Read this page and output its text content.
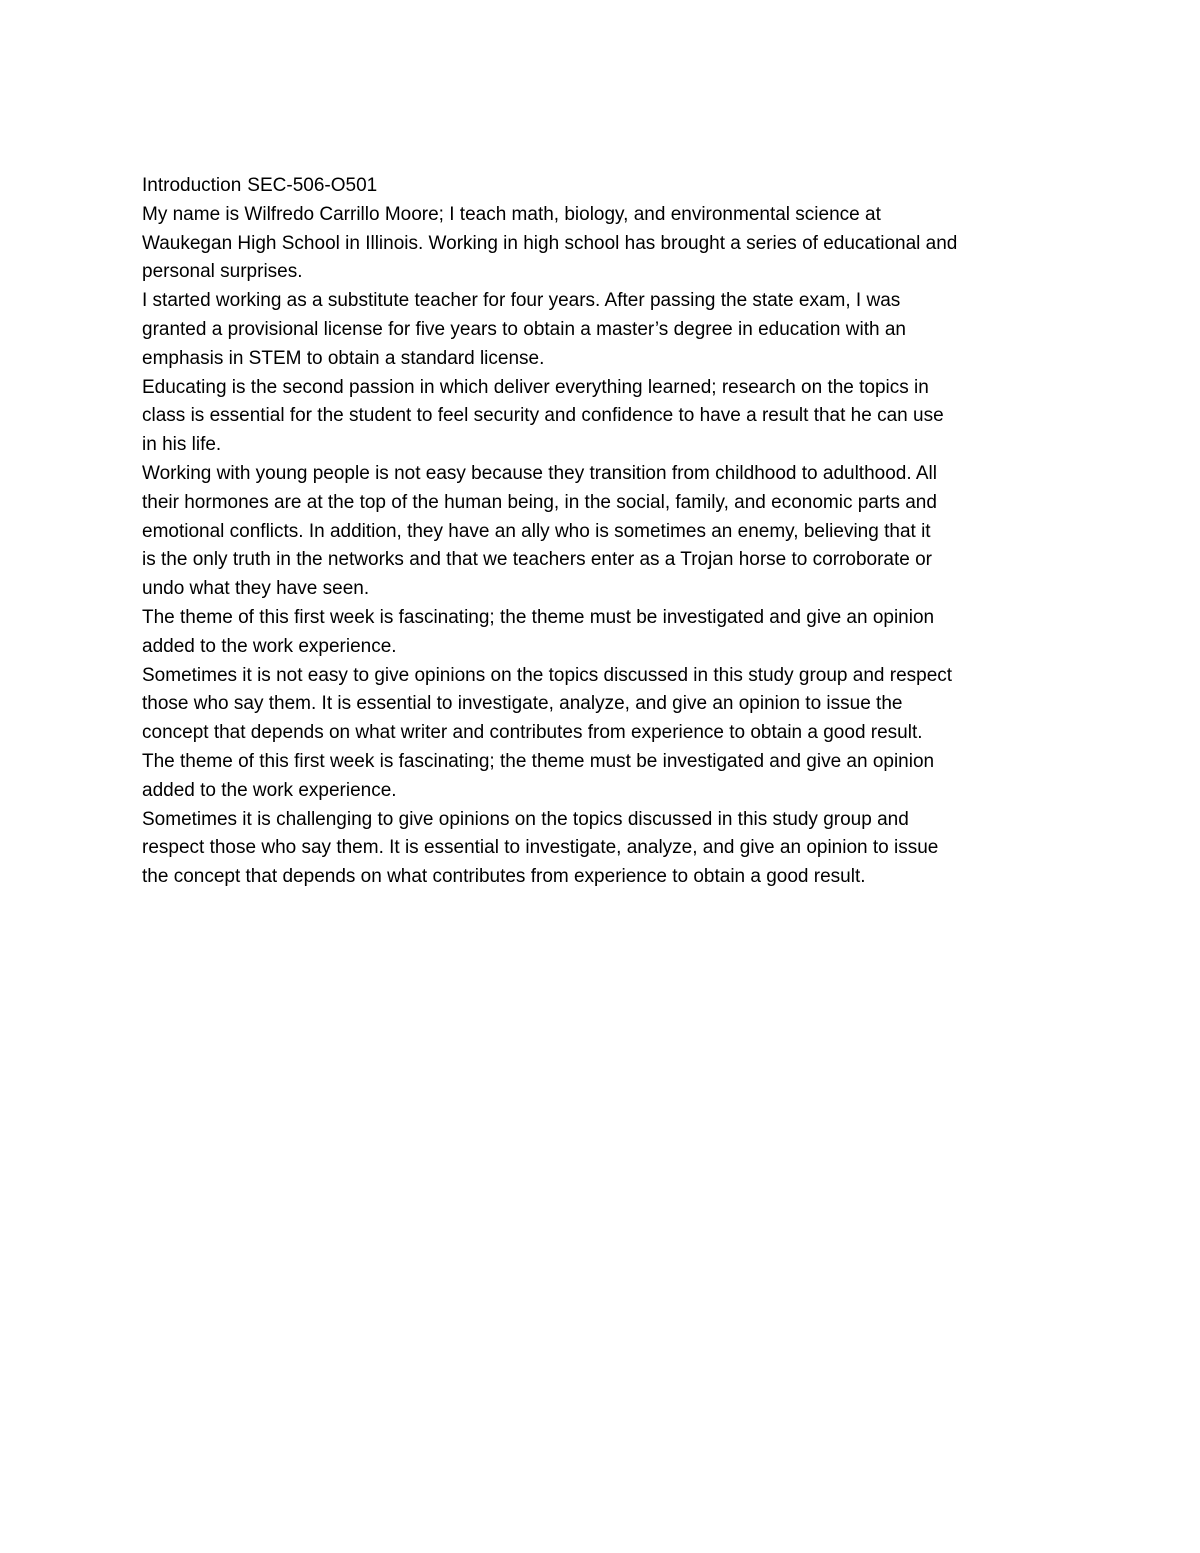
Introduction SEC-506-O501
My name is Wilfredo Carrillo Moore; I teach math, biology, and environmental science at
Waukegan High School in Illinois. Working in high school has brought a series of educational and
personal surprises.
I started working as a substitute teacher for four years. After passing the state exam, I was
granted a provisional license for five years to obtain a master’s degree in education with an
emphasis in STEM to obtain a standard license.
Educating is the second passion in which deliver everything learned; research on the topics in
class is essential for the student to feel security and confidence to have a result that he can use
in his life.
Working with young people is not easy because they transition from childhood to adulthood. All
their hormones are at the top of the human being, in the social, family, and economic parts and
emotional conflicts. In addition, they have an ally who is sometimes an enemy, believing that it
is the only truth in the networks and that we teachers enter as a Trojan horse to corroborate or
undo what they have seen.
The theme of this first week is fascinating; the theme must be investigated and give an opinion
added to the work experience.
Sometimes it is not easy to give opinions on the topics discussed in this study group and respect
those who say them. It is essential to investigate, analyze, and give an opinion to issue the
concept that depends on what writer and contributes from experience to obtain a good result.
The theme of this first week is fascinating; the theme must be investigated and give an opinion
added to the work experience.
Sometimes it is challenging to give opinions on the topics discussed in this study group and
respect those who say them. It is essential to investigate, analyze, and give an opinion to issue
the concept that depends on what contributes from experience to obtain a good result.
